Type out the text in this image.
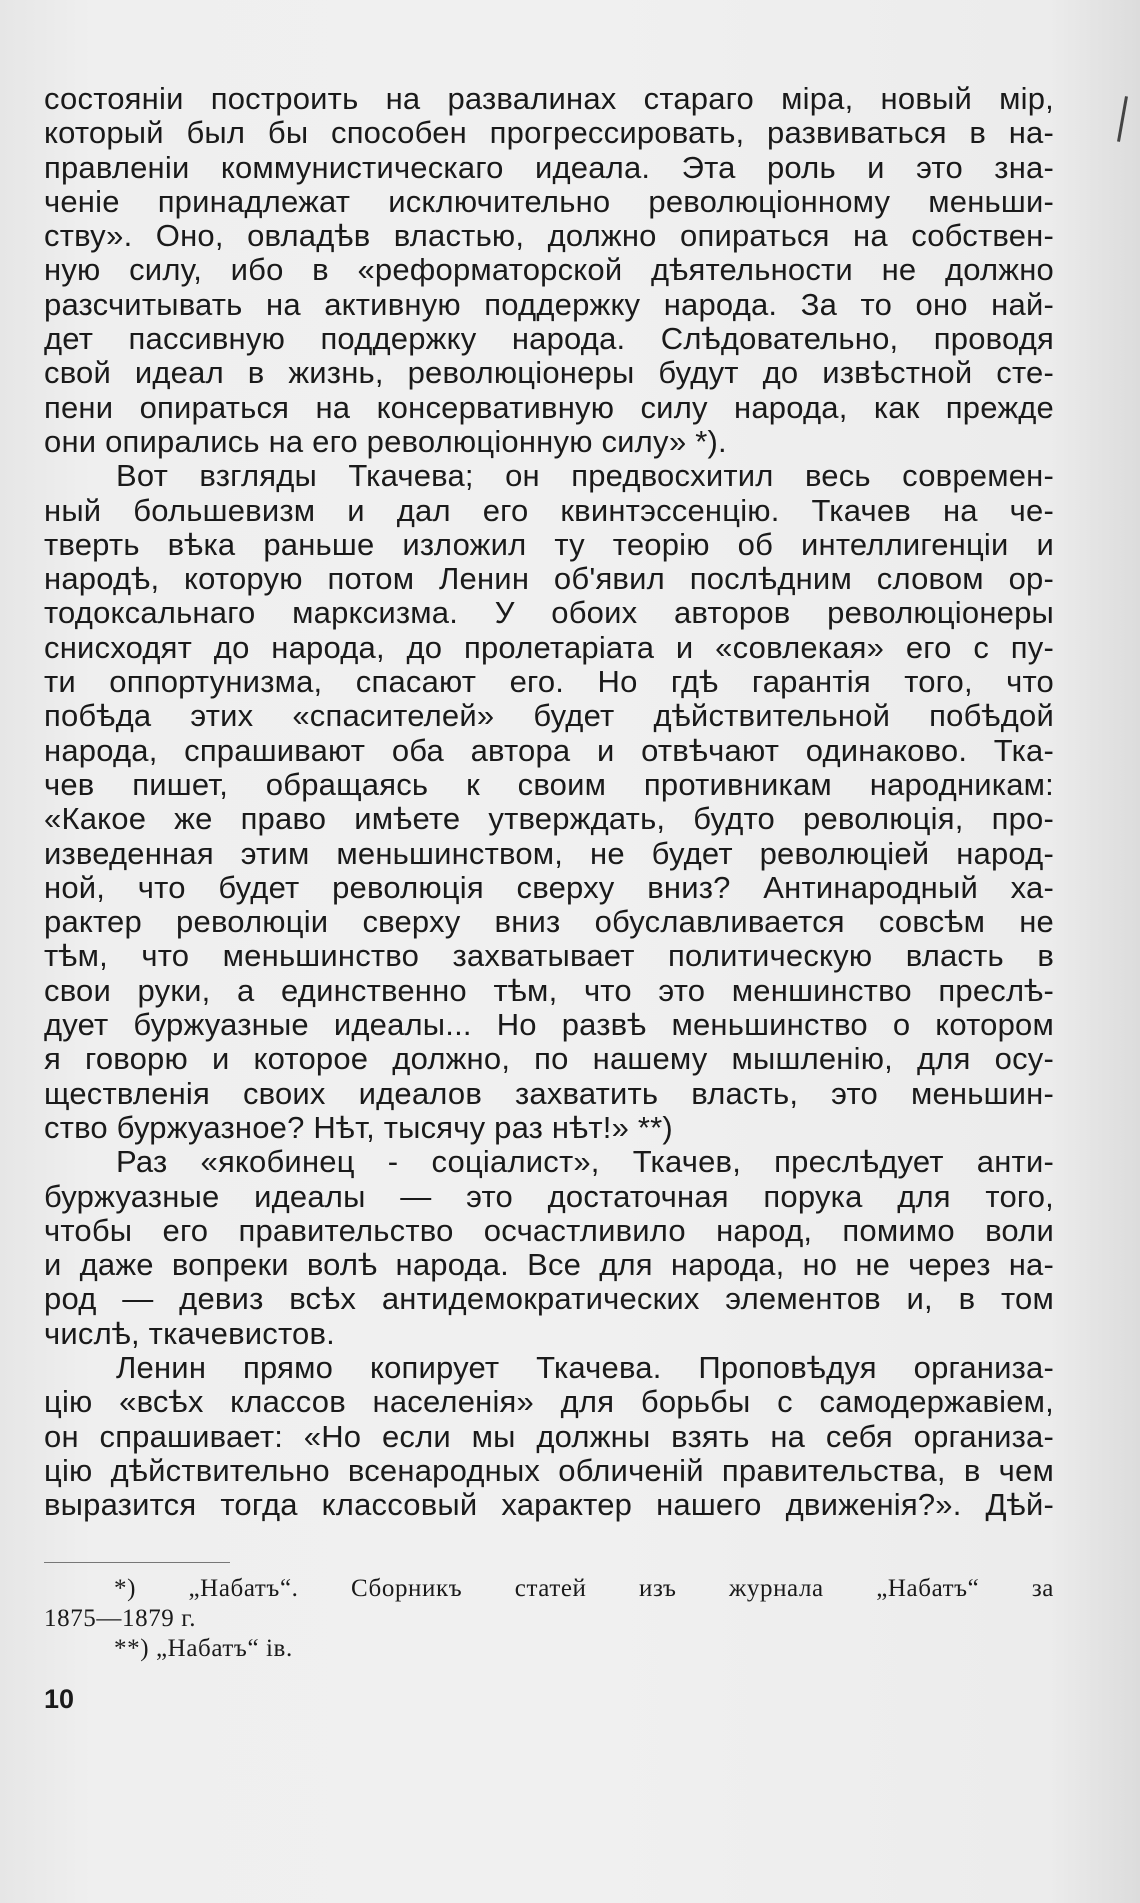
состоянiи построить на развалинах стараго мiра, новый мiр,
который был бы способен прогрессировать, развиваться в на-
правленiи коммунистическаго идеала. Эта роль и это зна-
ченiе принадлежат исключительно революцiонному меньши-
ству». Оно, овладѣв властью, должно опираться на собствен-
ную силу, ибо в «реформаторской дѣятельности не должно
разсчитывать на активную поддержку народа. За то оно най-
дет пассивную поддержку народа. Слѣдовательно, проводя
свой идеал в жизнь, революцiонеры будут до извѣстной сте-
пени опираться на консервативную силу народа, как прежде
они опирались на его революцiонную силу» *).
Вот взгляды Ткачева; он предвосхитил весь современ-
ный большевизм и дал его квинтэссенцiю. Ткачев на че-
тверть вѣка раньше изложил ту теорiю об интеллигенцiи и
народѣ, которую потом Ленин об'явил послѣдним словом ор-
тодоксальнаго марксизма. У обоих авторов революцiонеры
снисходят до народа, до пролетарiата и «совлекая» его с пу-
ти оппортунизма, спасают его. Но гдѣ гарантiя того, что
побѣда этих «спасителей» будет дѣйствительной побѣдой
народа, спрашивают оба автора и отвѣчают одинаково. Тка-
чев пишет, обращаясь к своим противникам народникам:
«Какое же право имѣете утверждать, будто революцiя, про-
изведенная этим меньшинством, не будет революцiей народ-
ной, что будет революцiя сверху вниз? Антинародный ха-
рактер революцiи сверху вниз обуславливается совсѣм не
тѣм, что меньшинство захватывает политическую власть в
свои руки, а единственно тѣм, что это меншинство преслѣ-
дует буржуазные идеалы... Но развѣ меньшинство о котором
я говорю и которое должно, по нашему мышленiю, для осу-
ществленiя своих идеалов захватить власть, это меньшин-
ство буржуазное? Нѣт, тысячу раз нѣт!» **)
Раз «якобинец - соцiалист», Ткачев, преслѣдует анти-
буржуазные идеалы — это достаточная порука для того,
чтобы его правительство осчастливило народ, помимо воли
и даже вопреки волѣ народа. Все для народа, но не через на-
род — девиз всѣх антидемократических элементов и, в том
числѣ, ткачевистов.
Ленин прямо копирует Ткачева. Проповѣдуя организа-
цiю «всѣх классов населенiя» для борьбы с самодержавiем,
он спрашивает: «Но если мы должны взять на себя организа-
цiю дѣйствительно всенародных обличенiй правительства, в чем
выразится тогда классовый характер нашего движенiя?». Дѣй-
*) „Набатъ“. Сборникъ статей изъ журнала „Набатъ“ за
1875—1879 г.
**) „Набатъ“ iв.
10
